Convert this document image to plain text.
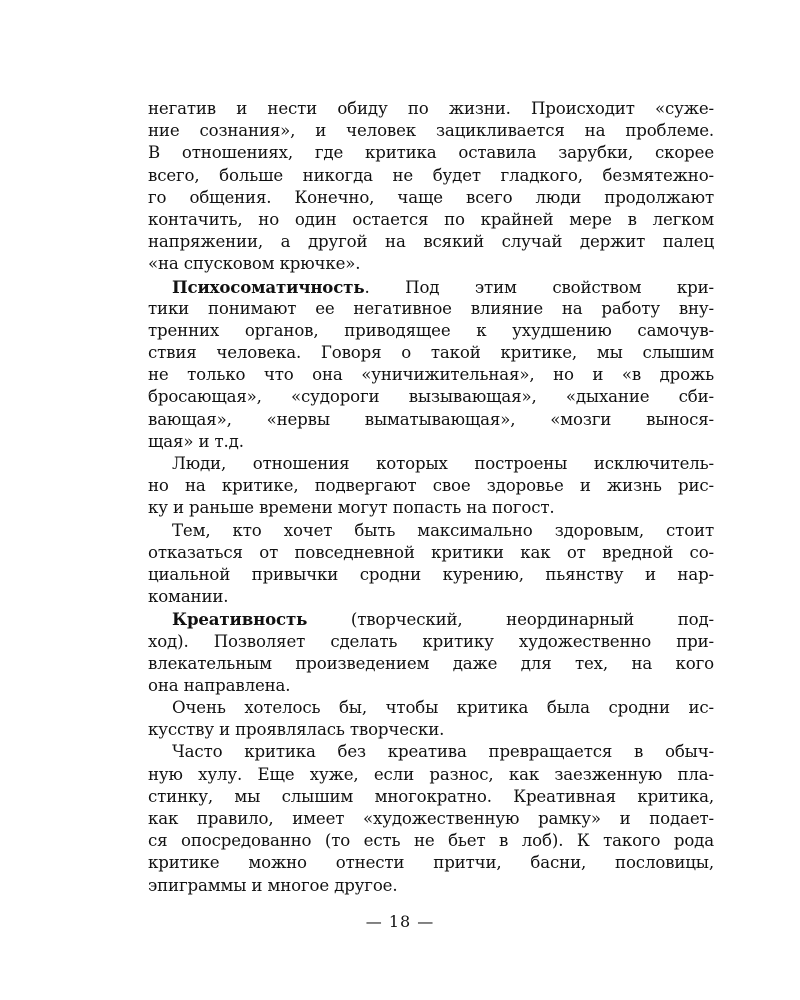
негатив и нести обиду по жизни. Происходит «суже-
ние сознания», и человек зацикливается на проблеме.
В отношениях, где критика оставила зарубки, скорее
всего, больше никогда не будет гладкого, безмятежно-
го общения. Конечно, чаще всего люди продолжают
контачить, но один остается по крайней мере в легком
напряжении, а другой на всякий случай держит палец
«на спусковом крючке».
Психосоматичность. Под этим свойством кри-
тики понимают ее негативное влияние на работу вну-
тренних органов, приводящее к ухудшению самочув-
ствия человека. Говоря о такой критике, мы слышим
не только что она «уничижительная», но и «в дрожь
бросающая», «судороги вызывающая», «дыхание сби-
вающая», «нервы выматывающая», «мозги вынося-
щая» и т.д.
Люди, отношения которых построены исключитель-
но на критике, подвергают свое здоровье и жизнь рис-
ку и раньше времени могут попасть на погост.
Тем, кто хочет быть максимально здоровым, стоит
отказаться от повседневной критики как от вредной со-
циальной привычки сродни курению, пьянству и нар-
комании.
Креативность (творческий, неординарный под-
ход). Позволяет сделать критику художественно при-
влекательным произведением даже для тех, на кого
она направлена.
Очень хотелось бы, чтобы критика была сродни ис-
кусству и проявлялась творчески.
Часто критика без креатива превращается в обыч-
ную хулу. Еще хуже, если разнос, как заезженную пла-
стинку, мы слышим многократно. Креативная критика,
как правило, имеет «художественную рамку» и подает-
ся опосредованно (то есть не бьет в лоб). К такого рода
критике можно отнести притчи, басни, пословицы,
эпиграммы и многое другое.
— 18 —
